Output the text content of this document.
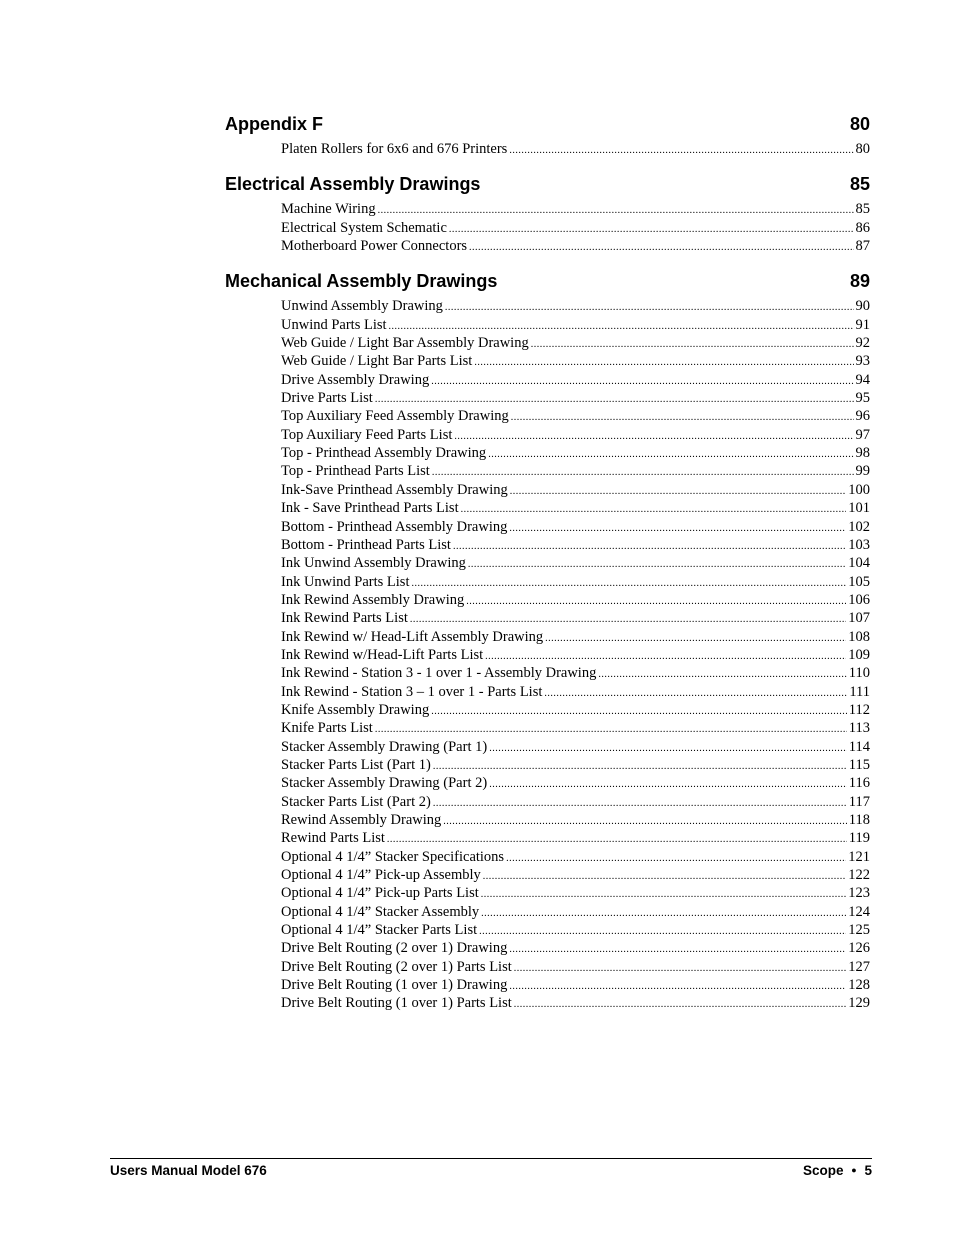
Appendix F	80
Platen Rollers for 6x6 and 676 Printers .....	80
Electrical Assembly Drawings	85
Machine Wiring .....	85
Electrical System Schematic .....	86
Motherboard Power Connectors .....	87
Mechanical Assembly Drawings	89
Unwind Assembly Drawing .....	90
Unwind Parts List .....	91
Web Guide / Light Bar Assembly Drawing .....	92
Web Guide / Light Bar Parts List .....	93
Drive Assembly Drawing .....	94
Drive Parts List .....	95
Top Auxiliary Feed Assembly Drawing .....	96
Top Auxiliary Feed Parts List .....	97
Top - Printhead Assembly Drawing .....	98
Top - Printhead Parts List .....	99
Ink-Save Printhead Assembly Drawing .....	100
Ink - Save Printhead Parts List .....	101
Bottom - Printhead Assembly Drawing .....	102
Bottom - Printhead Parts List .....	103
Ink Unwind Assembly Drawing .....	104
Ink Unwind Parts List .....	105
Ink Rewind Assembly Drawing .....	106
Ink Rewind Parts List .....	107
Ink Rewind w/ Head-Lift Assembly Drawing .....	108
Ink Rewind w/Head-Lift Parts List .....	109
Ink Rewind - Station 3 - 1 over 1 - Assembly Drawing .....	110
Ink Rewind - Station 3 – 1 over 1 - Parts List .....	111
Knife Assembly Drawing .....	112
Knife Parts List .....	113
Stacker Assembly Drawing (Part 1) .....	114
Stacker Parts List (Part 1) .....	115
Stacker Assembly Drawing (Part 2) .....	116
Stacker Parts List (Part 2) .....	117
Rewind Assembly Drawing .....	118
Rewind Parts List .....	119
Optional 4 1/4” Stacker Specifications .....	121
Optional 4 1/4” Pick-up Assembly .....	122
Optional 4 1/4” Pick-up Parts List .....	123
Optional 4 1/4” Stacker Assembly .....	124
Optional 4 1/4” Stacker Parts List .....	125
Drive Belt Routing (2 over 1) Drawing .....	126
Drive Belt Routing (2 over 1) Parts List .....	127
Drive Belt Routing (1 over 1) Drawing .....	128
Drive Belt Routing (1 over 1) Parts List .....	129
Users Manual Model 676	Scope ● 5
